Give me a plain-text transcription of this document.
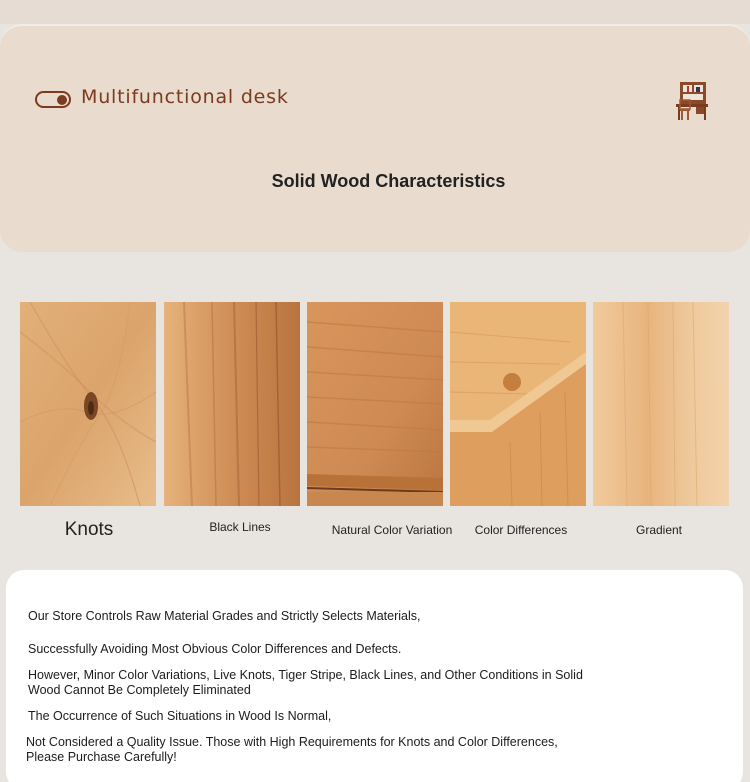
Multifunctional desk
Solid Wood Characteristics
Knots	Black Lines	Natural Color Variation	Color Differences	Gradient

Our Store Controls Raw Material Grades and Strictly Selects Materials,

Successfully Avoiding Most Obvious Color Differences and Defects.

However, Minor Color Variations, Live Knots, Tiger Stripe, Black Lines, and Other Conditions in Solid

Wood Cannot Be Completely Eliminated

The Occurrence of Such Situations in Wood Is Normal,

Not Considered a Quality Issue. Those with High Requirements for Knots and Color Differences,

Please Purchase Carefully!
